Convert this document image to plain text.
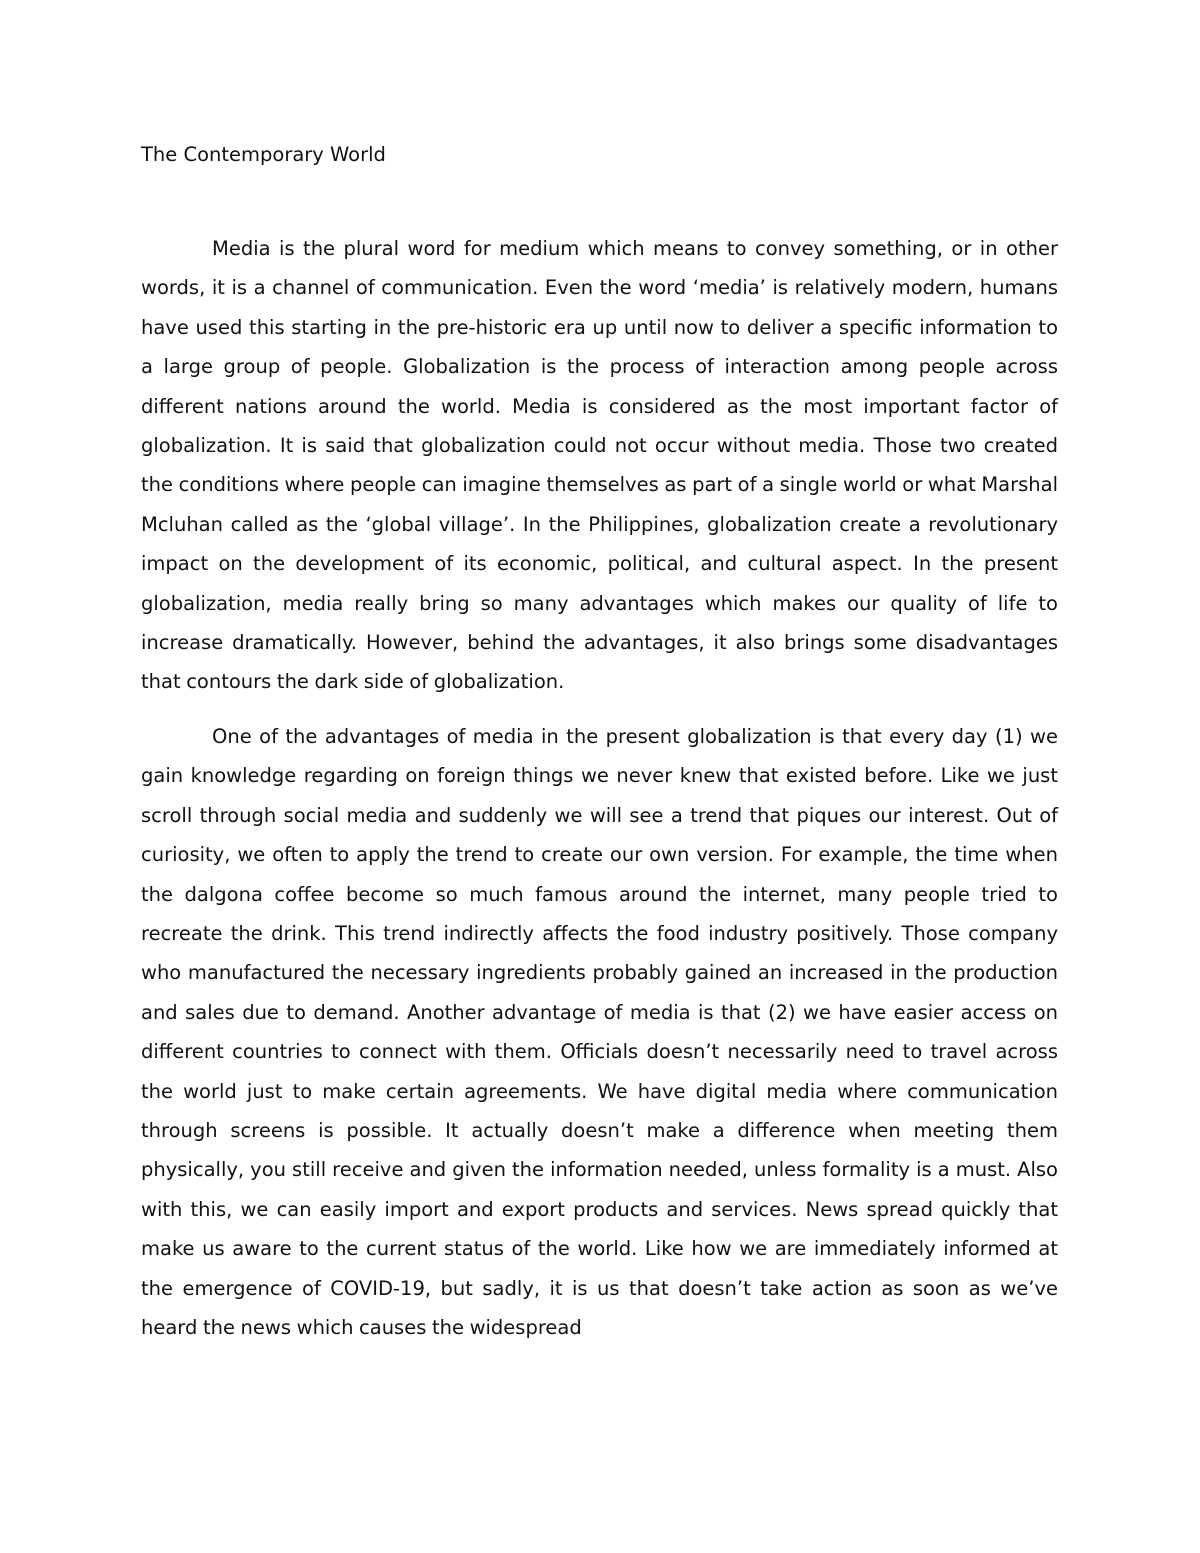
The Contemporary World

Media is the plural word for medium which means to convey something, or in other words, it is a channel of communication. Even the word ‘media’ is relatively modern, humans have used this starting in the pre-historic era up until now to deliver a specific information to a large group of people. Globalization is the process of interaction among people across different nations around the world. Media is considered as the most important factor of globalization. It is said that globalization could not occur without media. Those two created the conditions where people can imagine themselves as part of a single world or what Marshal Mcluhan called as the ‘global village’. In the Philippines, globalization create a revolutionary impact on the development of its economic, political, and cultural aspect. In the present globalization, media really bring so many advantages which makes our quality of life to increase dramatically. However, behind the advantages, it also brings some disadvantages that contours the dark side of globalization.

One of the advantages of media in the present globalization is that every day (1) we gain knowledge regarding on foreign things we never knew that existed before. Like we just scroll through social media and suddenly we will see a trend that piques our interest. Out of curiosity, we often to apply the trend to create our own version. For example, the time when the dalgona coffee become so much famous around the internet, many people tried to recreate the drink. This trend indirectly affects the food industry positively. Those company who manufactured the necessary ingredients probably gained an increased in the production and sales due to demand. Another advantage of media is that (2) we have easier access on different countries to connect with them. Officials doesn’t necessarily need to travel across the world just to make certain agreements. We have digital media where communication through screens is possible. It actually doesn’t make a difference when meeting them physically, you still receive and given the information needed, unless formality is a must. Also with this, we can easily import and export products and services. News spread quickly that make us aware to the current status of the world. Like how we are immediately informed at the emergence of COVID-19, but sadly, it is us that doesn’t take action as soon as we’ve heard the news which causes the widespread
